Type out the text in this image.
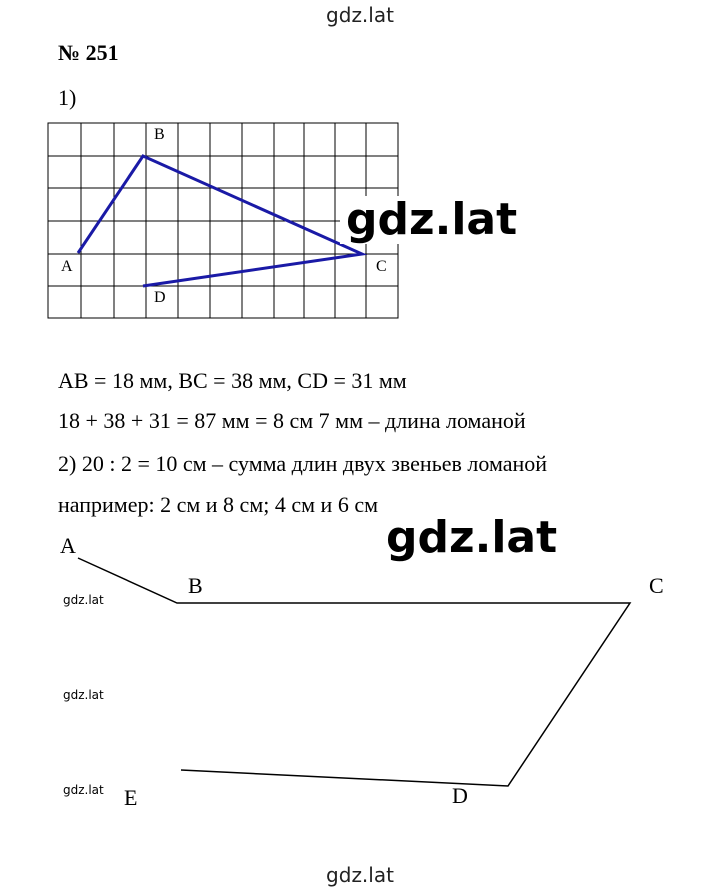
gdz.lat
№ 251
1)
gdz.lat
B
A	C
D
AB = 18 мм, BC = 38 мм, CD = 31 мм
18 + 38 + 31 = 87 мм = 8 см 7 мм – длина ломаной
2) 20 : 2 = 10 см – сумма длин двух звеньев ломаной
например: 2 см и 8 см; 4 см и 6 см
gdz.lat
A
B	C
D
E
gdz.lat
gdz.lat
gdz.lat
gdz.lat
